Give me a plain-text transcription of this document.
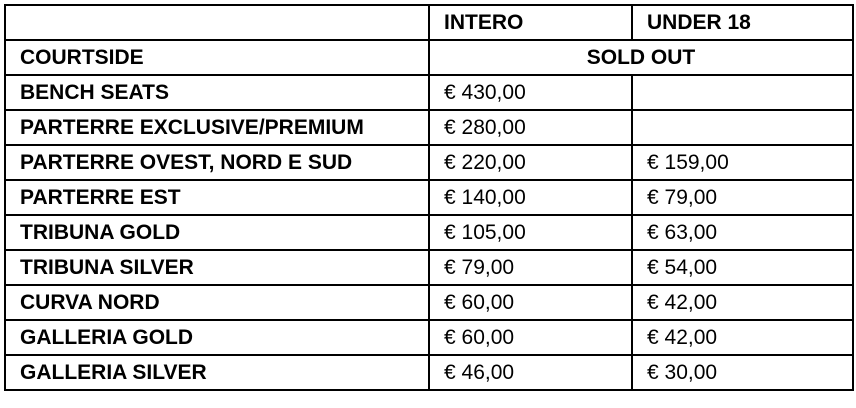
	INTERO	UNDER 18
COURTSIDE	SOLD OUT	
BENCH SEATS	€ 430,00	
PARTERRE EXCLUSIVE/PREMIUM	€ 280,00	
PARTERRE OVEST, NORD E SUD	€ 220,00	€ 159,00
PARTERRE EST	€ 140,00	€ 79,00
TRIBUNA GOLD	€ 105,00	€ 63,00
TRIBUNA SILVER	€ 79,00	€ 54,00
CURVA NORD	€ 60,00	€ 42,00
GALLERIA GOLD	€ 60,00	€ 42,00
GALLERIA SILVER	€ 46,00	€ 30,00
